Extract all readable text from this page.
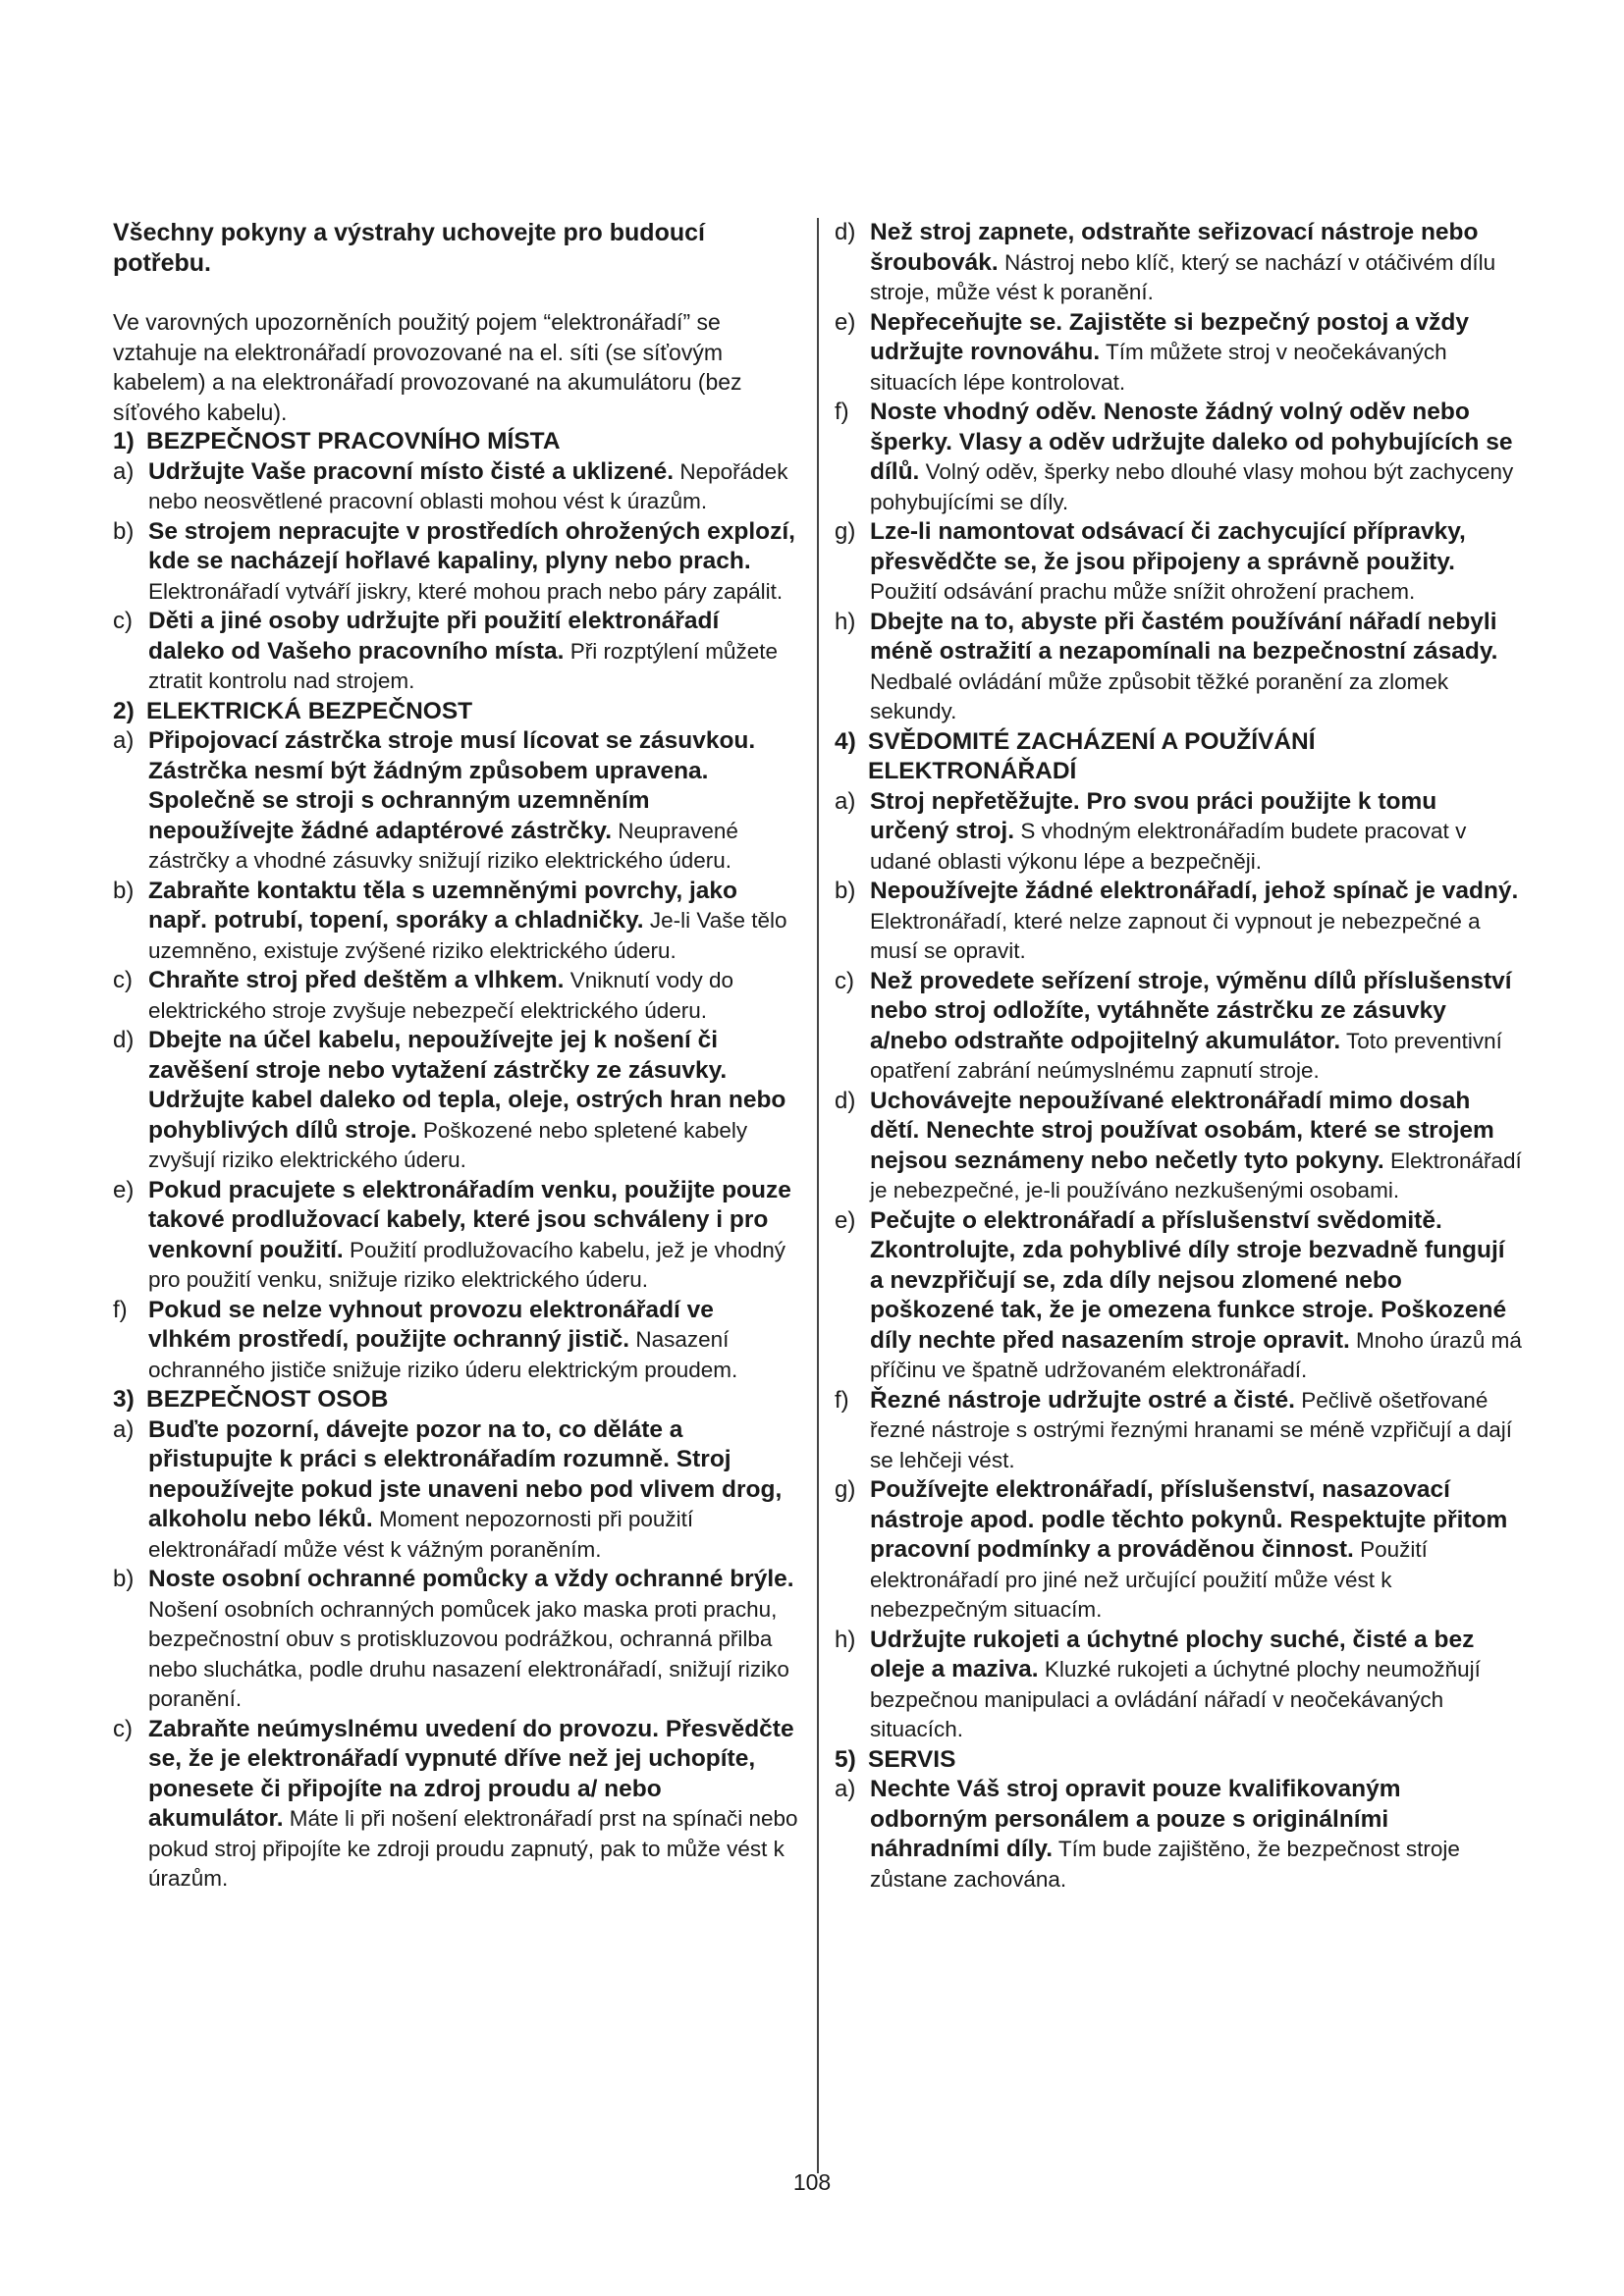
Všechny pokyny a výstrahy uchovejte pro budoucí potřebu.

Ve varovných upozorněních použitý pojem “elektronářadí” se vztahuje na elektronářadí provozované na el. síti (se síťovým kabelem) a na elektronářadí provozované na akumulátoru (bez síťového kabelu).

1) BEZPEČNOST PRACOVNÍHO MÍSTA

a) Udržujte Vaše pracovní místo čisté a uklizené. Nepořádek nebo neosvětlené pracovní oblasti mohou vést k úrazům.
b) Se strojem nepracujte v prostředích ohrožených explozí, kde se nacházejí hořlavé kapaliny, plyny nebo prach. Elektronářadí vytváří jiskry, které mohou prach nebo páry zapálit.
c) Děti a jiné osoby udržujte při použití elektronářadí daleko od Vašeho pracovního místa. Při rozptýlení můžete ztratit kontrolu nad strojem.

2) ELEKTRICKÁ BEZPEČNOST

a) Připojovací zástrčka stroje musí lícovat se zásuvkou. Zástrčka nesmí být žádným způsobem upravena. Společně se stroji s ochranným uzemněním nepoužívejte žádné adaptérové zástrčky. Neupravené zástrčky a vhodné zásuvky snižují riziko elektrického úderu.
b) Zabraňte kontaktu těla s uzemněnými povrchy, jako např. potrubí, topení, sporáky a chladničky. Je-li Vaše tělo uzemněno, existuje zvýšené riziko elektrického úderu.
c) Chraňte stroj před deštěm a vlhkem. Vniknutí vody do elektrického stroje zvyšuje nebezpečí elektrického úderu.
d) Dbejte na účel kabelu, nepoužívejte jej k nošení či zavěšení stroje nebo vytažení zástrčky ze zásuvky. Udržujte kabel daleko od tepla, oleje, ostrých hran nebo pohyblivých dílů stroje. Poškozené nebo spletené kabely zvyšují riziko elektrického úderu.
e) Pokud pracujete s elektronářadím venku, použijte pouze takové prodlužovací kabely, které jsou schváleny i pro venkovní použití. Použití prodlužovacího kabelu, jež je vhodný pro použití venku, snižuje riziko elektrického úderu.
f) Pokud se nelze vyhnout provozu elektronářadí ve vlhkém prostředí, použijte ochranný jistič. Nasazení ochranného jističe snižuje riziko úderu elektrickým proudem.

3) BEZPEČNOST OSOB

a) Buďte pozorní, dávejte pozor na to, co děláte a přistupujte k práci s elektronářadím rozumně. Stroj nepoužívejte pokud jste unaveni nebo pod vlivem drog, alkoholu nebo léků. Moment nepozornosti při použití elektronářadí může vést k vážným poraněním.
b) Noste osobní ochranné pomůcky a vždy ochranné brýle. Nošení osobních ochranných pomůcek jako maska proti prachu, bezpečnostní obuv s protiskluzovou podrážkou, ochranná přilba nebo sluchátka, podle druhu nasazení elektronářadí, snižují riziko poranění.
c) Zabraňte neúmyslnému uvedení do provozu. Přesvědčte se, že je elektronářadí vypnuté dříve než jej uchopíte, ponesete či připojíte na zdroj proudu a/ nebo akumulátor. Máte li při nošení elektronářadí prst na spínači nebo pokud stroj připojíte ke zdroji proudu zapnutý, pak to může vést k úrazům.
d) Než stroj zapnete, odstraňte seřizovací nástroje nebo šroubovák. Nástroj nebo klíč, který se nachází v otáčivém dílu stroje, může vést k poranění.
e) Nepřeceňujte se. Zajistěte si bezpečný postoj a vždy udržujte rovnováhu. Tím můžete stroj v neočekávaných situacích lépe kontrolovat.
f) Noste vhodný oděv. Nenoste žádný volný oděv nebo šperky. Vlasy a oděv udržujte daleko od pohybujících se dílů. Volný oděv, šperky nebo dlouhé vlasy mohou být zachyceny pohybujícími se díly.
g) Lze-li namontovat odsávací či zachycující přípravky, přesvědčte se, že jsou připojeny a správně použity. Použití odsávání prachu může snížit ohrožení prachem.
h) Dbejte na to, abyste při častém používání nářadí nebyli méně ostražití a nezapomínali na bezpečnostní zásady. Nedbalé ovládání může způsobit těžké poranění za zlomek sekundy.

4) SVĚDOMITÉ ZACHÁZENÍ A POUŽÍVÁNÍ
ELEKTRONÁŘADÍ

a) Stroj nepřetěžujte. Pro svou práci použijte k tomu určený stroj. S vhodným elektronářadím budete pracovat v udané oblasti výkonu lépe a bezpečněji.
b) Nepoužívejte žádné elektronářadí, jehož spínač je vadný. Elektronářadí, které nelze zapnout či vypnout je nebezpečné a musí se opravit.
c) Než provedete seřízení stroje, výměnu dílů příslušenství nebo stroj odložíte, vytáhněte zástrčku ze zásuvky a/nebo odstraňte odpojitelný akumulátor. Toto preventivní opatření zabrání neúmyslnému zapnutí stroje.
d) Uchovávejte nepoužívané elektronářadí mimo dosah dětí. Nenechte stroj používat osobám, které se strojem nejsou seznámeny nebo nečetly tyto pokyny. Elektronářadí je nebezpečné, je-li používáno nezkušenými osobami.
e) Pečujte o elektronářadí a příslušenství svědomitě. Zkontrolujte, zda pohyblivé díly stroje bezvadně fungují a nevzpřičují se, zda díly nejsou zlomené nebo poškozené tak, že je omezena funkce stroje. Poškozené díly nechte před nasazením stroje opravit. Mnoho úrazů má příčinu ve špatně udržovaném elektronářadí.
f) Řezné nástroje udržujte ostré a čisté. Pečlivě ošetřované řezné nástroje s ostrými řeznými hranami se méně vzpřičují a dají se lehčeji vést.
g) Používejte elektronářadí, příslušenství, nasazovací nástroje apod. podle těchto pokynů. Respektujte přitom pracovní podmínky a prováděnou činnost. Použití elektronářadí pro jiné než určující použití může vést k nebezpečným situacím.
h) Udržujte rukojeti a úchytné plochy suché, čisté a bez oleje a maziva. Kluzké rukojeti a úchytné plochy neumožňují bezpečnou manipulaci a ovládání nářadí v neočekávaných situacích.

5) SERVIS

a) Nechte Váš stroj opravit pouze kvalifikovaným odborným personálem a pouze s originálními náhradními díly. Tím bude zajištěno, že bezpečnost stroje zůstane zachována.
108
